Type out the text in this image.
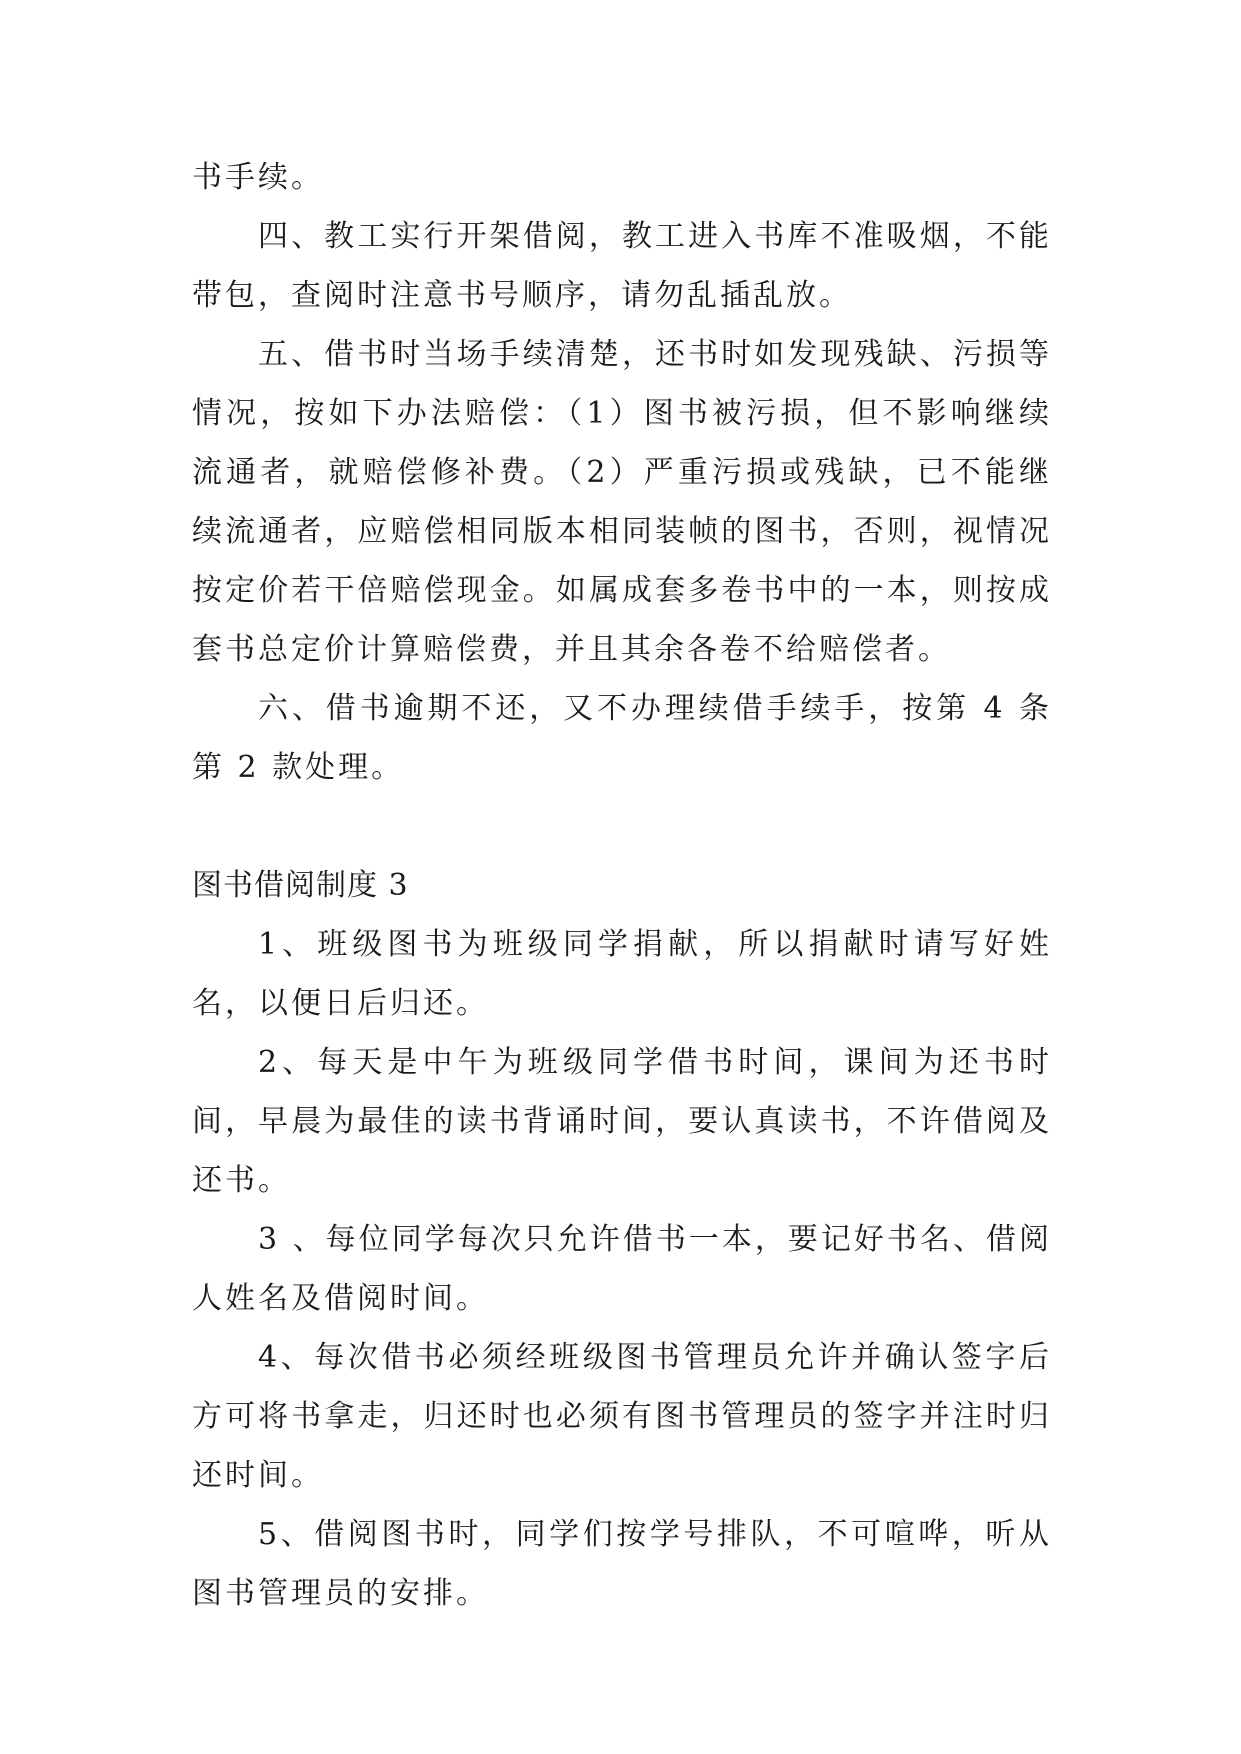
书手续。

四、教工实行开架借阅，教工进入书库不准吸烟，不能带包，查阅时注意书号顺序，请勿乱插乱放。

五、借书时当场手续清楚，还书时如发现残缺、污损等情况，按如下办法赔偿：（1）图书被污损，但不影响继续流通者，就赔偿修补费。（2）严重污损或残缺，已不能继续流通者，应赔偿相同版本相同装帧的图书，否则，视情况按定价若干倍赔偿现金。如属成套多卷书中的一本，则按成套书总定价计算赔偿费，并且其余各卷不给赔偿者。

六、借书逾期不还，又不办理续借手续手，按第 4 条第 2 款处理。

图书借阅制度 3

1、班级图书为班级同学捐献，所以捐献时请写好姓名，以便日后归还。

2、每天是中午为班级同学借书时间，课间为还书时间，早晨为最佳的读书背诵时间，要认真读书，不许借阅及还书。

3 、每位同学每次只允许借书一本，要记好书名、借阅人姓名及借阅时间。

4、每次借书必须经班级图书管理员允许并确认签字后方可将书拿走，归还时也必须有图书管理员的签字并注时归还时间。

5、借阅图书时，同学们按学号排队，不可喧哗，听从图书管理员的安排。
